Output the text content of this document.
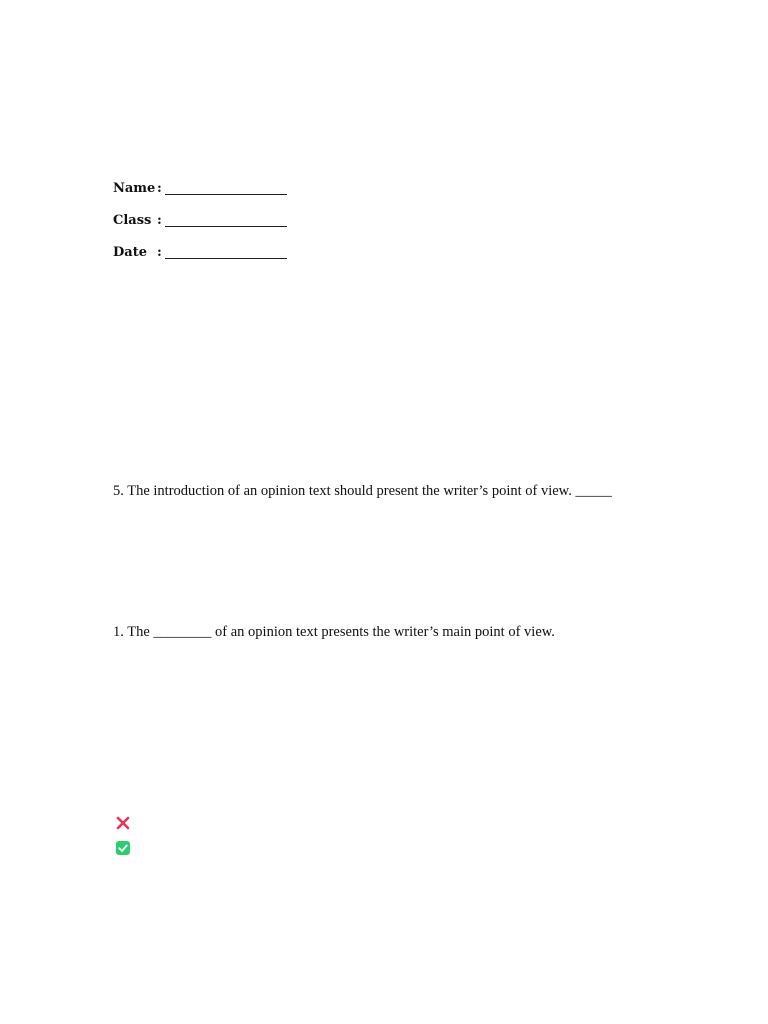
Name :
Class :
Date :
5. The introduction of an opinion text should present the writer’s point of view. _____
1. The ________ of an opinion text presents the writer’s main point of view.
